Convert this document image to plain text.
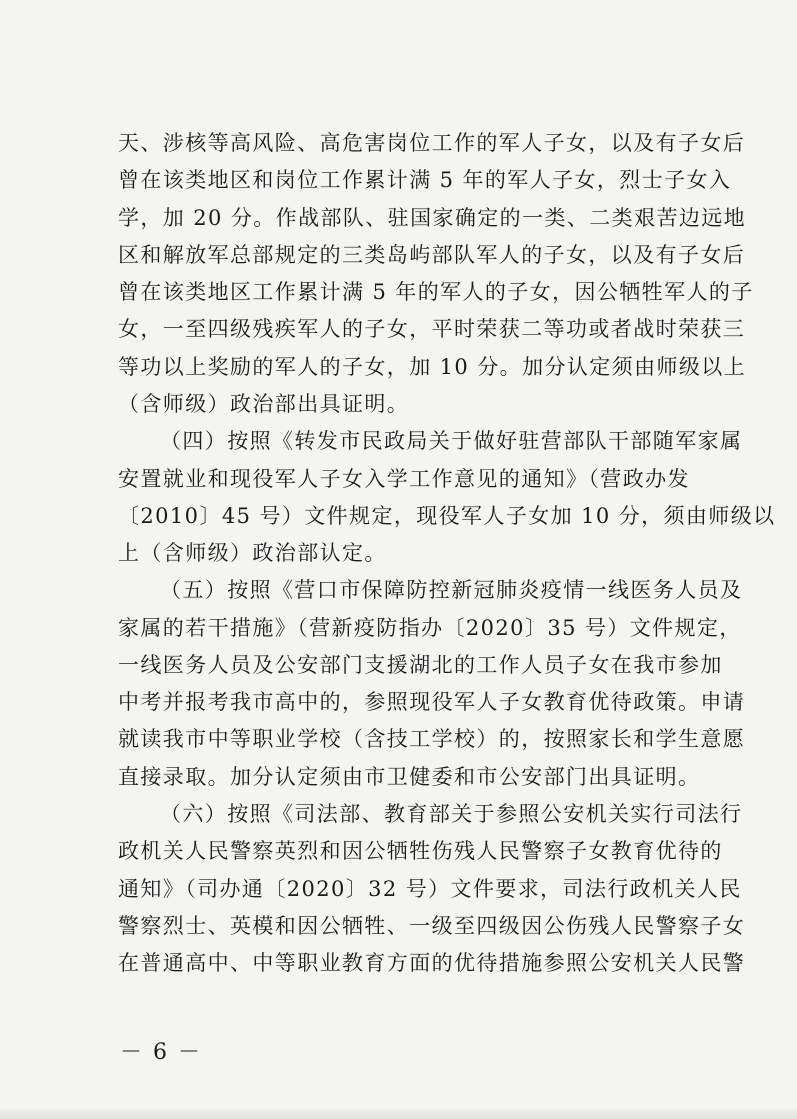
天、涉核等高风险、高危害岗位工作的军人子女，以及有子女后
曾在该类地区和岗位工作累计满 5 年的军人子女，烈士子女入
学，加 20 分。作战部队、驻国家确定的一类、二类艰苦边远地
区和解放军总部规定的三类岛屿部队军人的子女，以及有子女后
曾在该类地区工作累计满 5 年的军人的子女，因公牺牲军人的子
女，一至四级残疾军人的子女，平时荣获二等功或者战时荣获三
等功以上奖励的军人的子女，加 10 分。加分认定须由师级以上
（含师级）政治部出具证明。
（四）按照《转发市民政局关于做好驻营部队干部随军家属
安置就业和现役军人子女入学工作意见的通知》（营政办发
〔2010〕45 号）文件规定，现役军人子女加 10 分，须由师级以
上（含师级）政治部认定。
（五）按照《营口市保障防控新冠肺炎疫情一线医务人员及
家属的若干措施》（营新疫防指办〔2020〕35 号）文件规定，
一线医务人员及公安部门支援湖北的工作人员子女在我市参加
中考并报考我市高中的，参照现役军人子女教育优待政策。申请
就读我市中等职业学校（含技工学校）的，按照家长和学生意愿
直接录取。加分认定须由市卫健委和市公安部门出具证明。
（六）按照《司法部、教育部关于参照公安机关实行司法行
政机关人民警察英烈和因公牺牲伤残人民警察子女教育优待的
通知》（司办通〔2020〕32 号）文件要求，司法行政机关人民
警察烈士、英模和因公牺牲、一级至四级因公伤残人民警察子女
在普通高中、中等职业教育方面的优待措施参照公安机关人民警
－ 6 －
